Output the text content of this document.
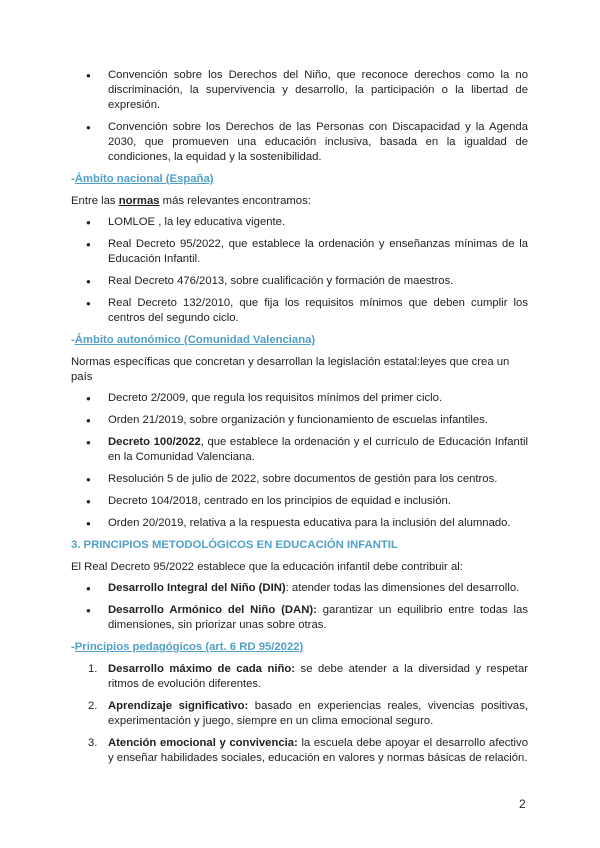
● Convención sobre los Derechos del Niño, que reconoce derechos como la no discriminación, la supervivencia y desarrollo, la participación o la libertad de expresión.
● Convención sobre los Derechos de las Personas con Discapacidad y la Agenda 2030, que promueven una educación inclusiva, basada en la igualdad de condiciones, la equidad y la sostenibilidad.

-Ámbito nacional (España)

Entre las normas más relevantes encontramos:

● LOMLOE , la ley educativa vigente.
● Real Decreto 95/2022, que establece la ordenación y enseñanzas mínimas de la Educación Infantil.
● Real Decreto 476/2013, sobre cualificación y formación de maestros.
● Real Decreto 132/2010, que fija los requisitos mínimos que deben cumplir los centros del segundo ciclo.

-Ámbito autonómico (Comunidad Valenciana)

Normas específicas que concretan y desarrollan la legislación estatal:leyes que crea un país

● Decreto 2/2009, que regula los requisitos mínimos del primer ciclo.
● Orden 21/2019, sobre organización y funcionamiento de escuelas infantiles.
● Decreto 100/2022, que establece la ordenación y el currículo de Educación Infantil en la Comunidad Valenciana.
● Resolución 5 de julio de 2022, sobre documentos de gestión para los centros.
● Decreto 104/2018, centrado en los principios de equidad e inclusión.
● Orden 20/2019, relativa a la respuesta educativa para la inclusión del alumnado.

3. PRINCIPIOS METODOLÓGICOS EN EDUCACIÓN INFANTIL

El Real Decreto 95/2022 establece que la educación infantil debe contribuir al:

● Desarrollo Integral del Niño (DIN): atender todas las dimensiones del desarrollo.
● Desarrollo Armónico del Niño (DAN): garantizar un equilibrio entre todas las dimensiones, sin priorizar unas sobre otras.

-Principios pedagógicos (art. 6 RD 95/2022)

1. Desarrollo máximo de cada niño: se debe atender a la diversidad y respetar ritmos de evolución diferentes.
2. Aprendizaje significativo: basado en experiencias reales, vivencias positivas, experimentación y juego, siempre en un clima emocional seguro.
3. Atención emocional y convivencia: la escuela debe apoyar el desarrollo afectivo y enseñar habilidades sociales, educación en valores y normas básicas de relación.
2
